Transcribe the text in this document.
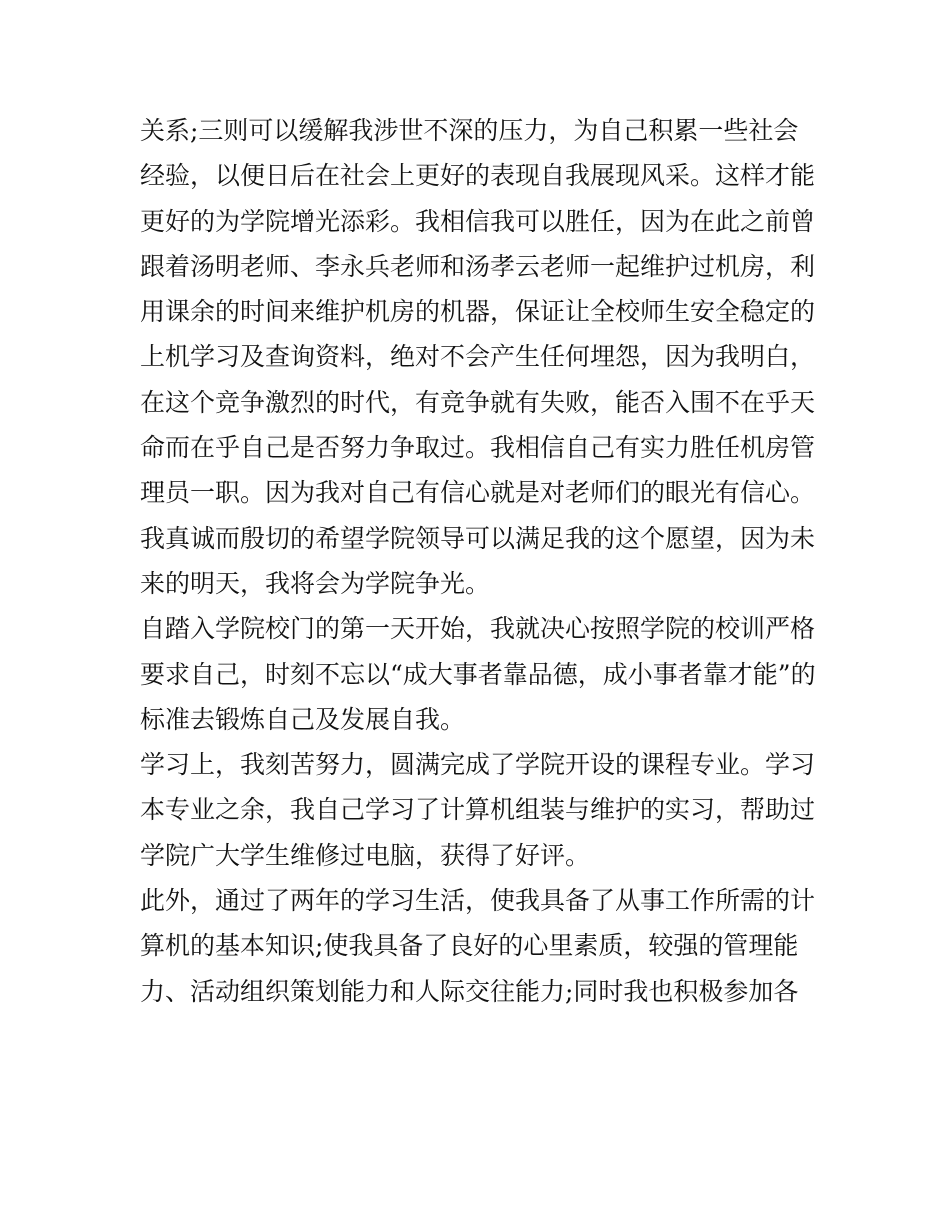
关系;三则可以缓解我涉世不深的压力，为自己积累一些社会
经验，以便日后在社会上更好的表现自我展现风采。这样才能
更好的为学院增光添彩。我相信我可以胜任，因为在此之前曾
跟着汤明老师、李永兵老师和汤孝云老师一起维护过机房，利
用课余的时间来维护机房的机器，保证让全校师生安全稳定的
上机学习及查询资料，绝对不会产生任何埋怨，因为我明白，
在这个竞争激烈的时代，有竞争就有失败，能否入围不在乎天
命而在乎自己是否努力争取过。我相信自己有实力胜任机房管
理员一职。因为我对自己有信心就是对老师们的眼光有信心。
我真诚而殷切的希望学院领导可以满足我的这个愿望，因为未
来的明天，我将会为学院争光。
自踏入学院校门的第一天开始，我就决心按照学院的校训严格
要求自己，时刻不忘以“成大事者靠品德，成小事者靠才能”的
标准去锻炼自己及发展自我。
学习上，我刻苦努力，圆满完成了学院开设的课程专业。学习
本专业之余，我自己学习了计算机组装与维护的实习，帮助过
学院广大学生维修过电脑，获得了好评。
此外，通过了两年的学习生活，使我具备了从事工作所需的计
算机的基本知识;使我具备了良好的心里素质，较强的管理能
力、活动组织策划能力和人际交往能力;同时我也积极参加各
